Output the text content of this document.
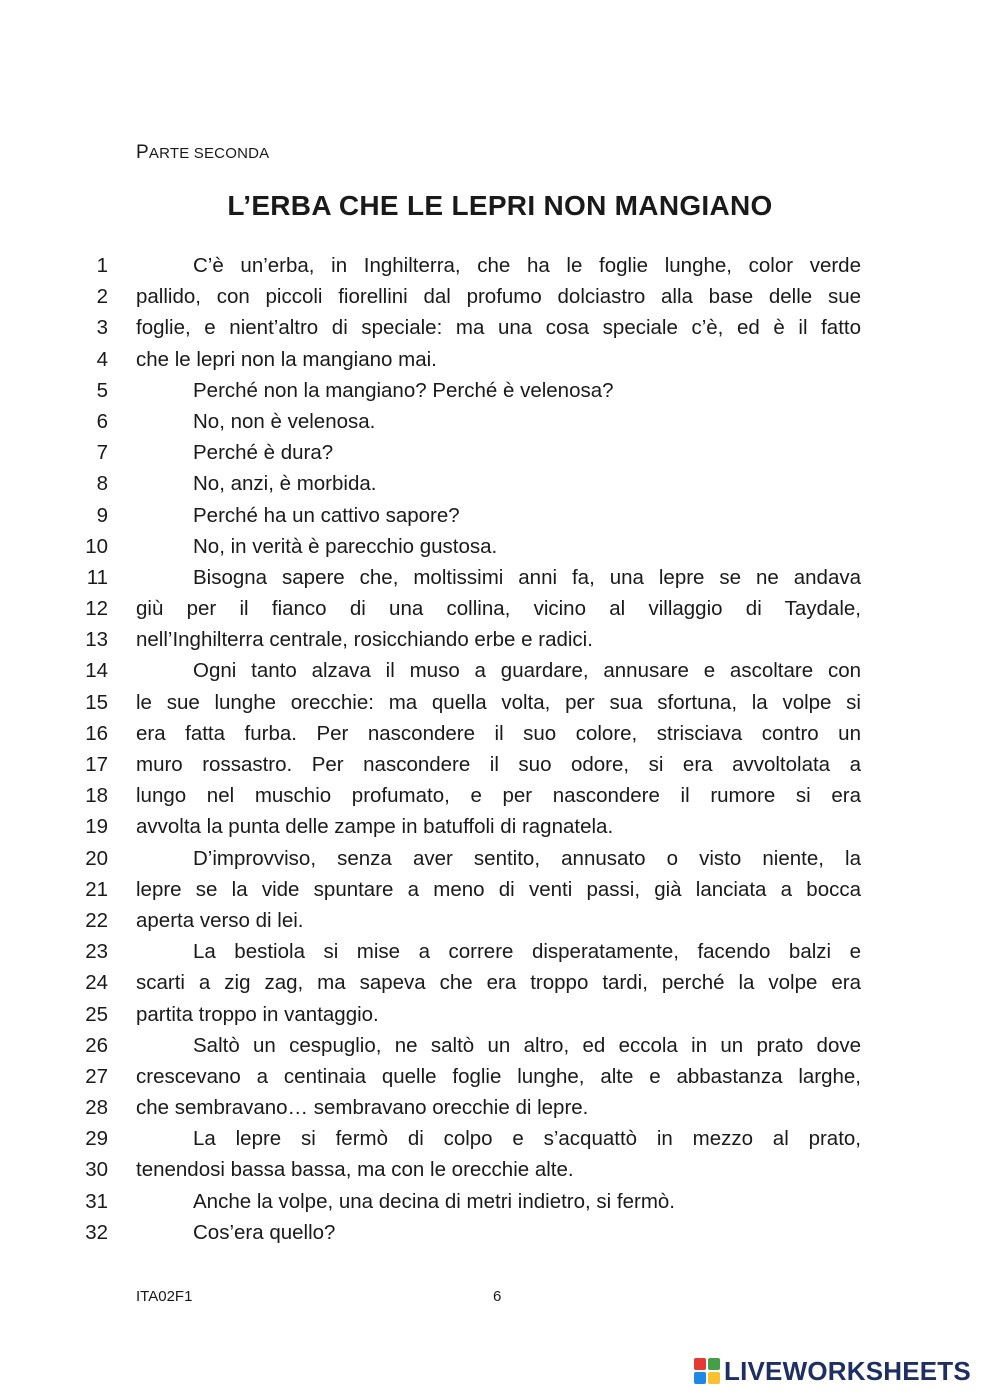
PARTE SECONDA
L’ERBA CHE LE LEPRI NON MANGIANO
1	C’è un’erba, in Inghilterra, che ha le foglie lunghe, color verde
2 pallido, con piccoli fiorellini dal profumo dolciastro alla base delle sue
3 foglie, e nient’altro di speciale: ma una cosa speciale c’è, ed è il fatto
4 che le lepri non la mangiano mai.
5	Perché non la mangiano? Perché è velenosa?
6	No, non è velenosa.
7	Perché è dura?
8	No, anzi, è morbida.
9	Perché ha un cattivo sapore?
10	No, in verità è parecchio gustosa.
11	Bisogna sapere che, moltissimi anni fa, una lepre se ne andava
12 giù per il fianco di una collina, vicino al villaggio di Taydale,
13 nell’Inghilterra centrale, rosicchiando erbe e radici.
14	Ogni tanto alzava il muso a guardare, annusare e ascoltare con
15 le sue lunghe orecchie: ma quella volta, per sua sfortuna, la volpe si
16 era fatta furba. Per nascondere il suo colore, strisciava contro un
17 muro rossastro. Per nascondere il suo odore, si era avvoltolata a
18 lungo nel muschio profumato, e per nascondere il rumore si era
19 avvolta la punta delle zampe in batuffoli di ragnatela.
20	D’improvviso, senza aver sentito, annusato o visto niente, la
21 lepre se la vide spuntare a meno di venti passi, già lanciata a bocca
22 aperta verso di lei.
23	La bestiola si mise a correre disperatamente, facendo balzi e
24 scarti a zig zag, ma sapeva che era troppo tardi, perché la volpe era
25 partita troppo in vantaggio.
26	Saltò un cespuglio, ne saltò un altro, ed eccola in un prato dove
27 crescevano a centinaia quelle foglie lunghe, alte e abbastanza larghe,
28 che sembravano… sembravano orecchie di lepre.
29	La lepre si fermò di colpo e s’acquattò in mezzo al prato,
30 tenendosi bassa bassa, ma con le orecchie alte.
31	Anche la volpe, una decina di metri indietro, si fermò.
32	Cos’era quello?
ITA02F1	6
LIVEWORKSHEETS
